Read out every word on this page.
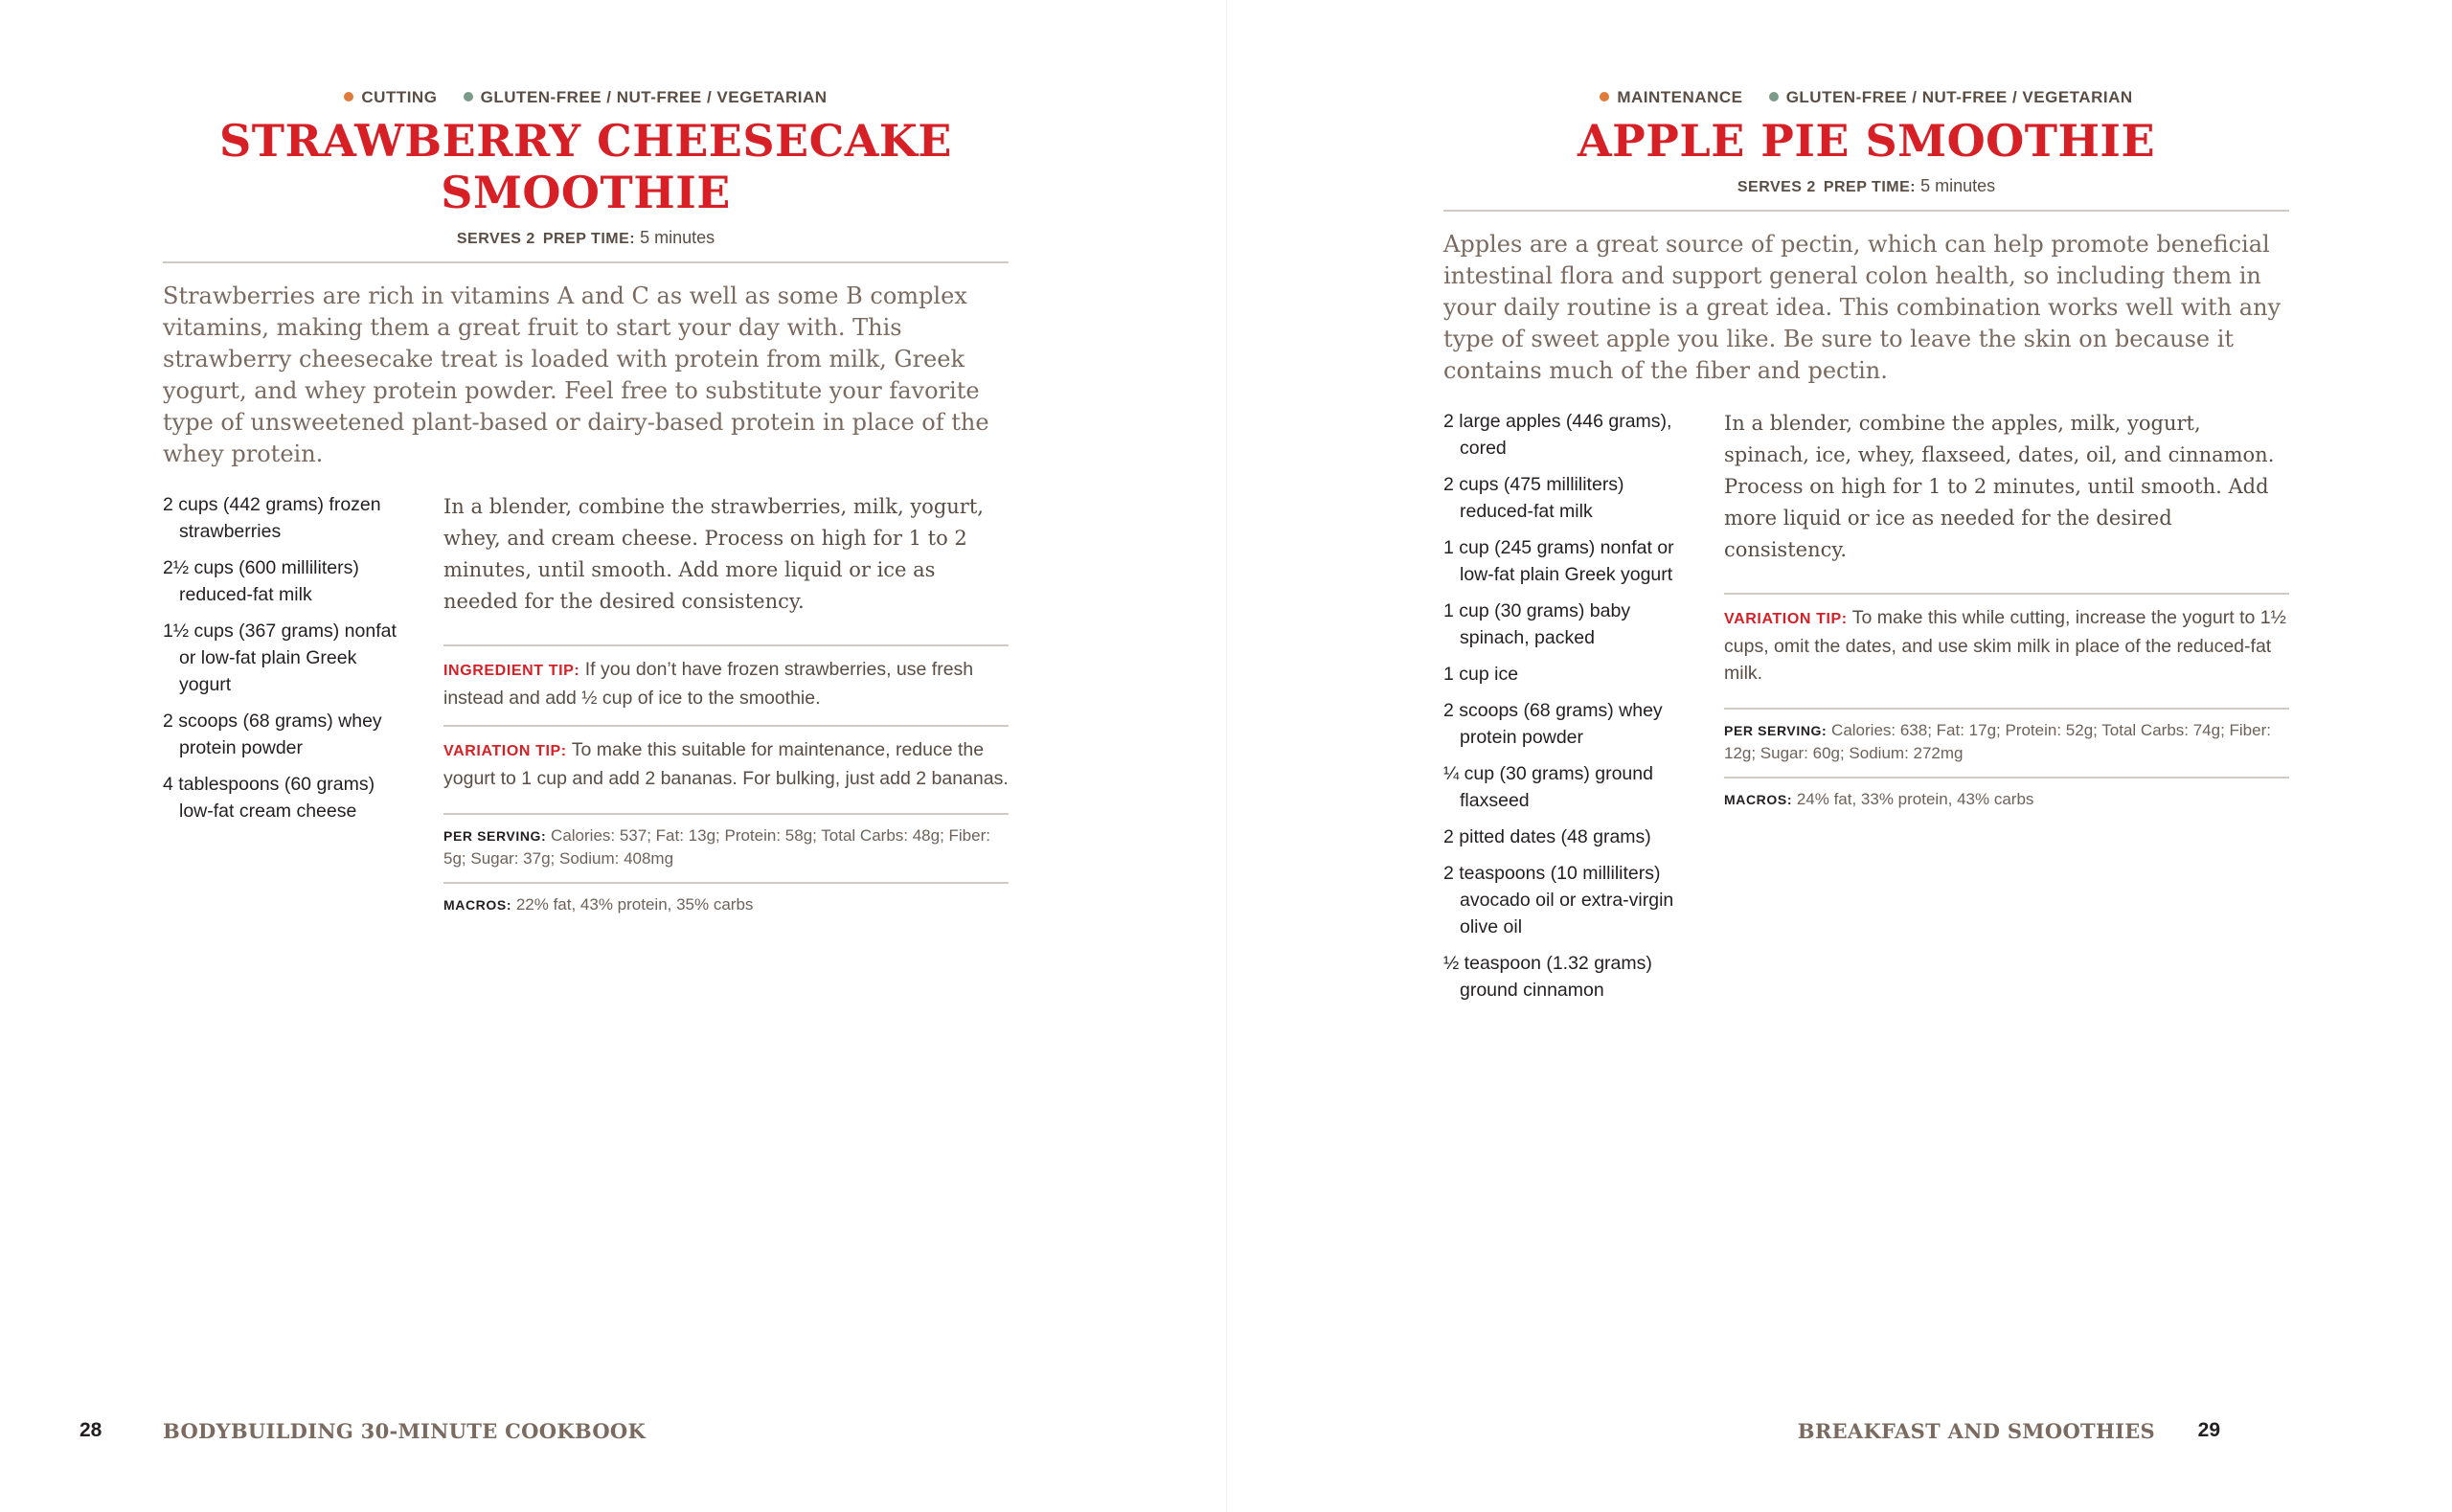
CUTTING	GLUTEN-FREE / NUT-FREE / VEGETARIAN
STRAWBERRY CHEESECAKE
SMOOTHIE
SERVES 2 PREP TIME: 5 minutes

Strawberries are rich in vitamins A and C as well as some B complex vitamins, making them a great fruit to start your day with. This strawberry cheesecake treat is loaded with protein from milk, Greek yogurt, and whey protein powder. Feel free to substitute your favorite type of unsweetened plant-based or dairy-based protein in place of the whey protein.

2 cups (442 grams) frozen strawberries
2½ cups (600 milliliters) reduced-fat milk
1½ cups (367 grams) nonfat or low-fat plain Greek yogurt
2 scoops (68 grams) whey protein powder
4 tablespoons (60 grams) low-fat cream cheese

In a blender, combine the strawberries, milk, yogurt, whey, and cream cheese. Process on high for 1 to 2 minutes, until smooth. Add more liquid or ice as needed for the desired consistency.

INGREDIENT TIP: If you don’t have frozen strawberries, use fresh instead and add ½ cup of ice to the smoothie.
VARIATION TIP: To make this suitable for maintenance, reduce the yogurt to 1 cup and add 2 bananas. For bulking, just add 2 bananas.
PER SERVING: Calories: 537; Fat: 13g; Protein: 58g; Total Carbs: 48g; Fiber: 5g; Sugar: 37g; Sodium: 408mg
MACROS: 22% fat, 43% protein, 35% carbs
28	BODYBUILDING 30-MINUTE COOKBOOK
MAINTENANCE	GLUTEN-FREE / NUT-FREE / VEGETARIAN
APPLE PIE SMOOTHIE
SERVES 2 PREP TIME: 5 minutes

Apples are a great source of pectin, which can help promote beneficial intestinal flora and support general colon health, so including them in your daily routine is a great idea. This combination works well with any type of sweet apple you like. Be sure to leave the skin on because it contains much of the fiber and pectin.

2 large apples (446 grams), cored
2 cups (475 milliliters) reduced-fat milk
1 cup (245 grams) nonfat or low-fat plain Greek yogurt
1 cup (30 grams) baby spinach, packed
1 cup ice
2 scoops (68 grams) whey protein powder
¼ cup (30 grams) ground flaxseed
2 pitted dates (48 grams)
2 teaspoons (10 milliliters) avocado oil or extra-virgin olive oil
½ teaspoon (1.32 grams) ground cinnamon

In a blender, combine the apples, milk, yogurt, spinach, ice, whey, flaxseed, dates, oil, and cinnamon. Process on high for 1 to 2 minutes, until smooth. Add more liquid or ice as needed for the desired consistency.

VARIATION TIP: To make this while cutting, increase the yogurt to 1½ cups, omit the dates, and use skim milk in place of the reduced-fat milk.
PER SERVING: Calories: 638; Fat: 17g; Protein: 52g; Total Carbs: 74g; Fiber: 12g; Sugar: 60g; Sodium: 272mg
MACROS: 24% fat, 33% protein, 43% carbs
BREAKFAST AND SMOOTHIES 29
